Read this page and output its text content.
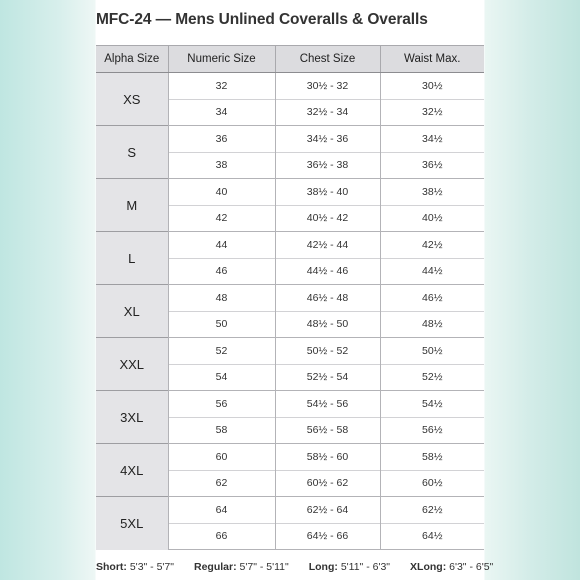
MFC-24 — Mens Unlined Coveralls & Overalls
Alpha Size	Numeric Size	Chest Size	Waist Max.
XS	32	30½ - 32	30½
	34	32½ - 34	32½
S	36	34½ - 36	34½
	38	36½ - 38	36½
M	40	38½ - 40	38½
	42	40½ - 42	40½
L	44	42½ - 44	42½
	46	44½ - 46	44½
XL	48	46½ - 48	46½
	50	48½ - 50	48½
XXL	52	50½ - 52	50½
	54	52½ - 54	52½
3XL	56	54½ - 56	54½
	58	56½ - 58	56½
4XL	60	58½ - 60	58½
	62	60½ - 62	60½
5XL	64	62½ - 64	62½
	66	64½ - 66	64½
Short: 5'3" - 5'7" Regular: 5'7" - 5'11" Long: 5'11" - 6'3" XLong: 6'3" - 6'5"
